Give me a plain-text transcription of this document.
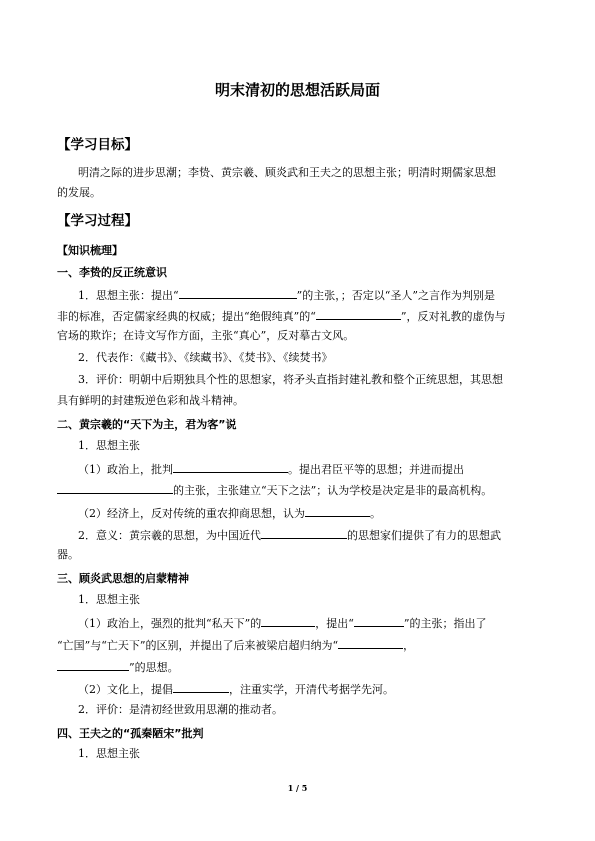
明末清初的思想活跃局面
【学习目标】
明清之际的进步思潮；李贽、黄宗羲、顾炎武和王夫之的思想主张；明清时期儒家思想
的发展。
【学习过程】
【知识梳理】
一、李贽的反正统意识
1．思想主张：提出“	”的主张，；否定以“圣人”之言作为判别是
非的标准，否定儒家经典的权威；提出“绝假纯真”的“	”，反对礼教的虚伪与
官场的欺诈；在诗文写作方面，主张“真心”，反对摹古文风。
2．代表作：《藏书》、《续藏书》、《焚书》、《续焚书》
3．评价：明朝中后期独具个性的思想家，将矛头直指封建礼教和整个正统思想，其思想
具有鲜明的封建叛逆色彩和战斗精神。
二、黄宗羲的“天下为主，君为客”说
1．思想主张
（1）政治上，批判	。提出君臣平等的思想；并进而提出
的主张，主张建立“天下之法”；认为学校是决定是非的最高机构。
（2）经济上，反对传统的重农抑商思想，认为	。
2．意义：黄宗羲的思想，为中国近代	的思想家们提供了有力的思想武
器。
三、顾炎武思想的启蒙精神
1．思想主张
（1）政治上，强烈的批判“私天下”的	，提出“	”的主张；指出了
“亡国”与“亡天下”的区别，并提出了后来被梁启超归纳为“	，
”的思想。
（2）文化上，提倡	，注重实学，开清代考据学先河。
2．评价：是清初经世致用思潮的推动者。
四、王夫之的“孤秦陋宋”批判
1．思想主张
1 / 5
